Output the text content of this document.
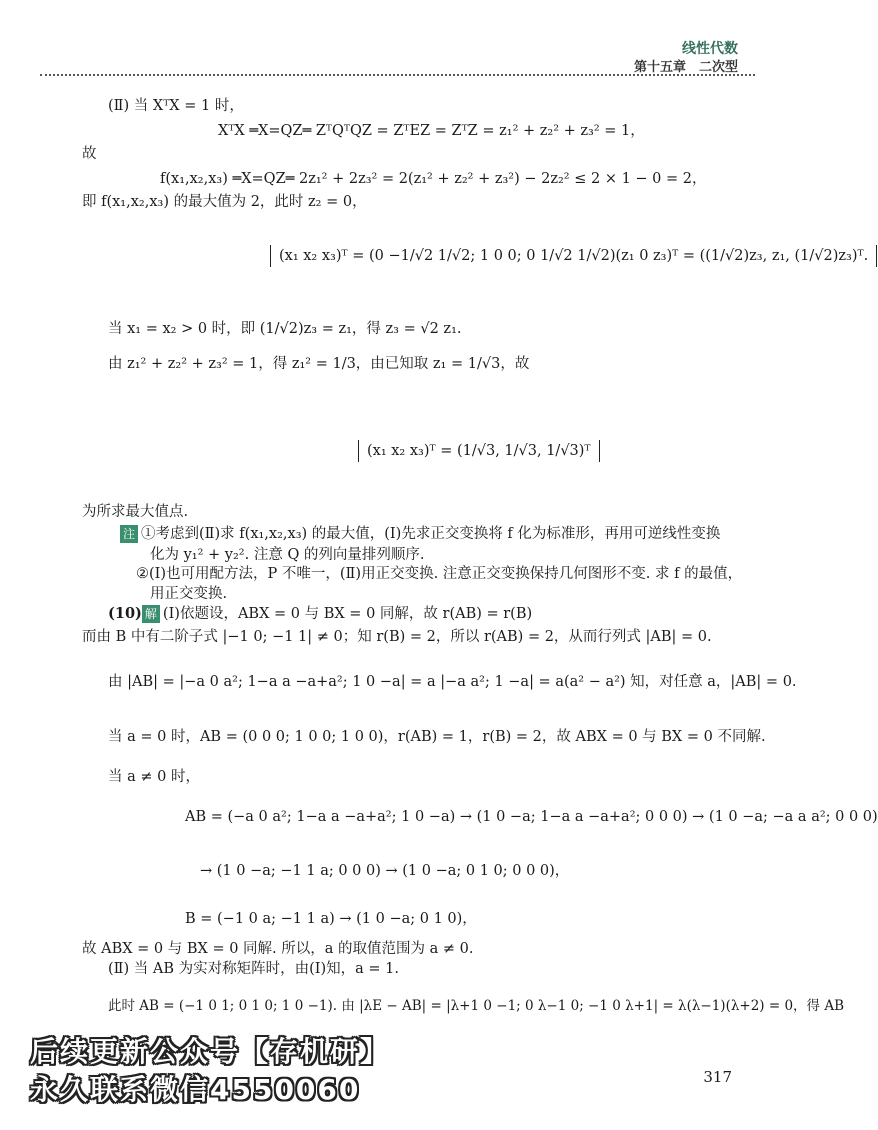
线性代数
第十五章　二次型
(Ⅱ) 当 XᵀX = 1 时，
XᵀX ═X=QZ═ ZᵀQᵀQZ = ZᵀEZ = ZᵀZ = z₁² + z₂² + z₃² = 1，
故
f(x₁,x₂,x₃) ═X=QZ═ 2z₁² + 2z₃² = 2(z₁² + z₂² + z₃²) − 2z₂² ≤ 2 × 1 − 0 = 2，
即 f(x₁,x₂,x₃) 的最大值为 2，此时 z₂ = 0，
(x₁ x₂ x₃)ᵀ = (0 −1/√2 1/√2; 1 0 0; 0 1/√2 1/√2)(z₁ 0 z₃)ᵀ = ((1/√2)z₃, z₁, (1/√2)z₃)ᵀ.
当 x₁ = x₂ > 0 时，即 (1/√2)z₃ = z₁，得 z₃ = √2 z₁.
由 z₁² + z₂² + z₃² = 1，得 z₁² = 1/3，由已知取 z₁ = 1/√3，故
(x₁ x₂ x₃)ᵀ = (1/√3, 1/√3, 1/√3)ᵀ
为所求最大值点.
注 ①考虑到(Ⅱ)求 f(x₁,x₂,x₃) 的最大值，(Ⅰ)先求正交变换将 f 化为标准形，再用可逆线性变换
化为 y₁² + y₂². 注意 Q 的列向量排列顺序.
②(Ⅰ)也可用配方法，P 不唯一，(Ⅱ)用正交变换. 注意正交变换保持几何图形不变. 求 f 的最值，
用正交变换.
(10) 解 (Ⅰ)依题设，ABX = 0 与 BX = 0 同解，故 r(AB) = r(B)
而由 B 中有二阶子式 |−1 0; −1 1| ≠ 0；知 r(B) = 2，所以 r(AB) = 2，从而行列式 |AB| = 0.
由 |AB| = |−a 0 a²; 1−a a −a+a²; 1 0 −a| = a |−a a²; 1 −a| = a(a² − a²) 知，对任意 a，|AB| = 0.
当 a = 0 时，AB = (0 0 0; 1 0 0; 1 0 0)，r(AB) = 1，r(B) = 2，故 ABX = 0 与 BX = 0 不同解.
当 a ≠ 0 时，
AB = (−a 0 a²; 1−a a −a+a²; 1 0 −a) → (1 0 −a; 1−a a −a+a²; 0 0 0) → (1 0 −a; −a a a²; 0 0 0)
→ (1 0 −a; −1 1 a; 0 0 0) → (1 0 −a; 0 1 0; 0 0 0)，
B = (−1 0 a; −1 1 a) → (1 0 −a; 0 1 0)，
故 ABX = 0 与 BX = 0 同解. 所以，a 的取值范围为 a ≠ 0.
(Ⅱ) 当 AB 为实对称矩阵时，由(Ⅰ)知，a = 1.
此时 AB = (−1 0 1; 0 1 0; 1 0 −1). 由 |λE − AB| = |λ+1 0 −1; 0 λ−1 0; −1 0 λ+1| = λ(λ−1)(λ+2) = 0，得 AB
后续更新公众号【存机研】
永久联系微信4550060	317
